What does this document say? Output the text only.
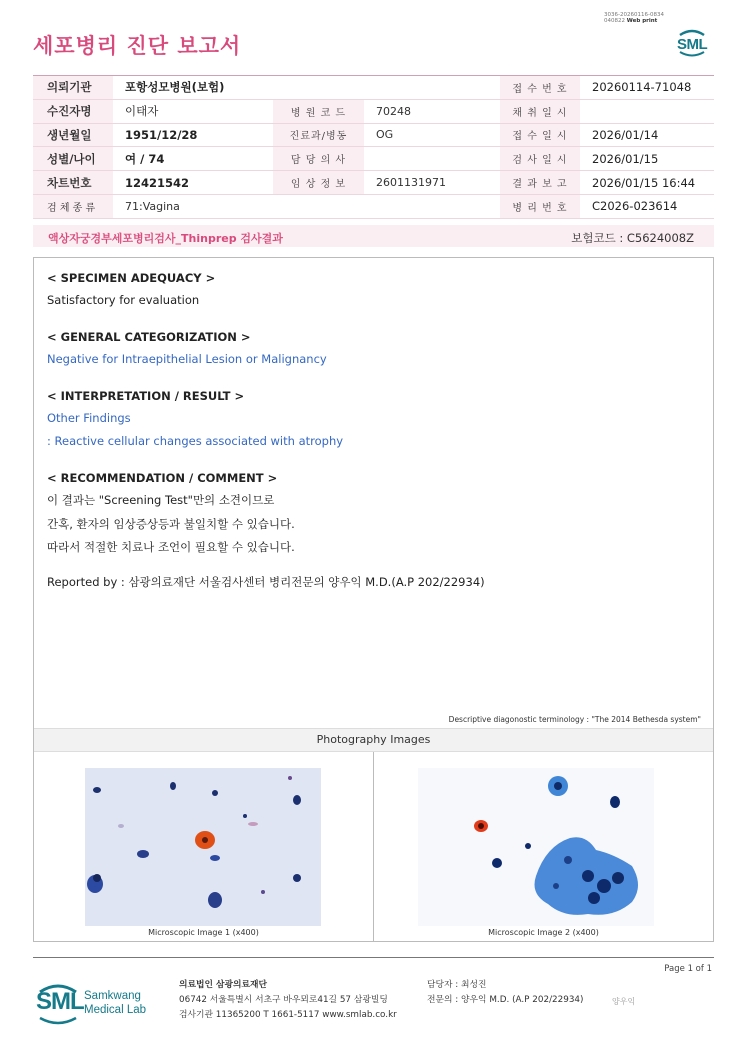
세포병리 진단 보고서
3036-20260116-0834
040822 Web print
SML
의뢰기관	포항성모병원(보험)			접 수 번 호	20260114-71048
수진자명	이태자	병 원 코 드	70248	채 취 일 시	
생년월일	1951/12/28	진료과/병동	OG	접 수 일 시	2026/01/14
성별/나이	여 / 74	담 당 의 사		검 사 일 시	2026/01/15
차트번호	12421542	임 상 정 보	2601131971	결 과 보 고	2026/01/15 16:44
검 체 종 류	71:Vagina			병 리 번 호	C2026-023614
액상자궁경부세포병리검사_Thinprep 검사결과	보험코드 : C5624008Z
< SPECIMEN ADEQUACY >
Satisfactory for evaluation
< GENERAL CATEGORIZATION >
Negative for Intraepithelial Lesion or Malignancy
< INTERPRETATION / RESULT >
Other Findings
: Reactive cellular changes associated with atrophy
< RECOMMENDATION / COMMENT >
이 결과는 "Screening Test"만의 소견이므로
간혹, 환자의 임상증상등과 불일치할 수 있습니다.
따라서 적절한 치료나 조언이 필요할 수 있습니다.
Reported by : 삼광의료재단 서울검사센터 병리전문의 양우익 M.D.(A.P 202/22934)
Descriptive diagonostic terminology : "The 2014 Bethesda system"
Photography Images
Microscopic Image 1 (x400)	Microscopic Image 2 (x400)
Page 1 of 1
SML Samkwang
Medical Lab
의료법인 삼광의료재단
06742 서울특별시 서초구 바우뫼로41길 57 삼광빌딩
검사기관 11365200 T 1661-5117 www.smlab.co.kr
담당자 : 최성진
전문의 : 양우익 M.D. (A.P 202/22934)	양우익
